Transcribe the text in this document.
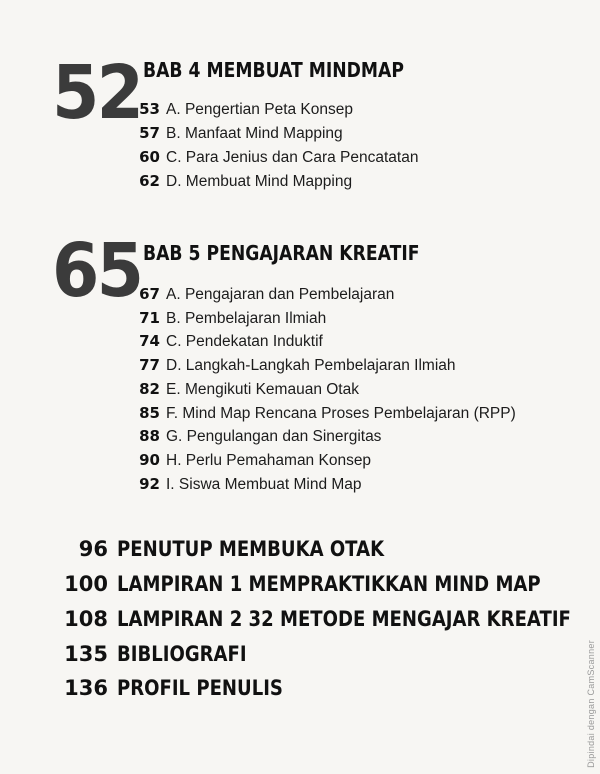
52 BAB 4 MEMBUAT MINDMAP
53 A. Pengertian Peta Konsep
57 B. Manfaat Mind Mapping
60 C. Para Jenius dan Cara Pencatatan
62 D. Membuat Mind Mapping
65 BAB 5 PENGAJARAN KREATIF
67 A. Pengajaran dan Pembelajaran
71 B. Pembelajaran Ilmiah
74 C. Pendekatan Induktif
77 D. Langkah-Langkah Pembelajaran Ilmiah
82 E. Mengikuti Kemauan Otak
85 F. Mind Map Rencana Proses Pembelajaran (RPP)
88 G. Pengulangan dan Sinergitas
90 H. Perlu Pemahaman Konsep
92 I. Siswa Membuat Mind Map
96 PENUTUP MEMBUKA OTAK
100 LAMPIRAN 1 MEMPRAKTIKKAN MIND MAP
108 LAMPIRAN 2 32 METODE MENGAJAR KREATIF
135 BIBLIOGRAFI
136 PROFIL PENULIS	Dipindai dengan CamScanner
